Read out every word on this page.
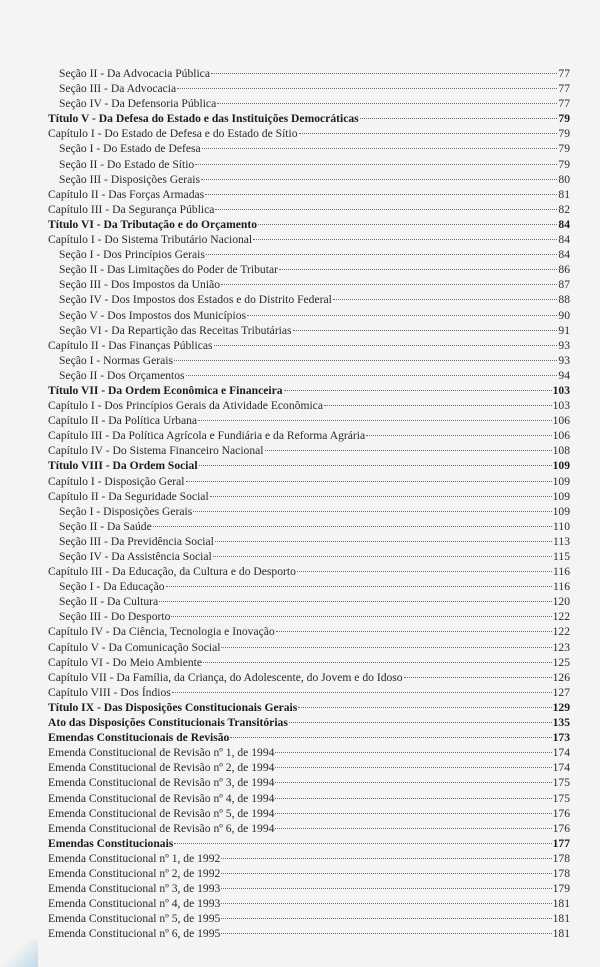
Seção II - Da Advocacia Pública	77
Seção III - Da Advocacia	77
Seção IV - Da Defensoria Pública	77
Título V - Da Defesa do Estado e das Instituições Democráticas	79
Capítulo I - Do Estado de Defesa e do Estado de Sítio	79
Seção I - Do Estado de Defesa	79
Seção II - Do Estado de Sítio	79
Seção III - Disposições Gerais	80
Capítulo II - Das Forças Armadas	81
Capítulo III - Da Segurança Pública	82
Título VI - Da Tributação e do Orçamento	84
Capítulo I - Do Sistema Tributário Nacional	84
Seção I - Dos Princípios Gerais	84
Seção II - Das Limitações do Poder de Tributar	86
Seção III - Dos Impostos da União	87
Seção IV - Dos Impostos dos Estados e do Distrito Federal	88
Seção V - Dos Impostos dos Municípios	90
Seção VI - Da Repartição das Receitas Tributárias	91
Capítulo II - Das Finanças Públicas	93
Seção I - Normas Gerais	93
Seção II - Dos Orçamentos	94
Título VII - Da Ordem Econômica e Financeira	103
Capítulo I - Dos Princípios Gerais da Atividade Econômica	103
Capítulo II - Da Política Urbana	106
Capítulo III - Da Política Agrícola e Fundiária e da Reforma Agrária	106
Capítulo IV - Do Sistema Financeiro Nacional	108
Título VIII - Da Ordem Social	109
Capítulo I - Disposição Geral	109
Capítulo II - Da Seguridade Social	109
Seção I - Disposições Gerais	109
Seção II - Da Saúde	110
Seção III - Da Previdência Social	113
Seção IV - Da Assistência Social	115
Capítulo III - Da Educação, da Cultura e do Desporto	116
Seção I - Da Educação	116
Seção II - Da Cultura	120
Seção III - Do Desporto	122
Capítulo IV - Da Ciência, Tecnologia e Inovação	122
Capítulo V - Da Comunicação Social	123
Capítulo VI - Do Meio Ambiente	125
Capítulo VII - Da Família, da Criança, do Adolescente, do Jovem e do Idoso	126
Capítulo VIII - Dos Índios	127
Título IX - Das Disposições Constitucionais Gerais	129
Ato das Disposições Constitucionais Transitórias	135
Emendas Constitucionais de Revisão	173
Emenda Constitucional de Revisão nº 1, de 1994	174
Emenda Constitucional de Revisão nº 2, de 1994	174
Emenda Constitucional de Revisão nº 3, de 1994	175
Emenda Constitucional de Revisão nº 4, de 1994	175
Emenda Constitucional de Revisão nº 5, de 1994	176
Emenda Constitucional de Revisão nº 6, de 1994	176
Emendas Constitucionais	177
Emenda Constitucional nº 1, de 1992	178
Emenda Constitucional nº 2, de 1992	178
Emenda Constitucional nº 3, de 1993	179
Emenda Constitucional nº 4, de 1993	181
Emenda Constitucional nº 5, de 1995	181
Emenda Constitucional nº 6, de 1995	181
